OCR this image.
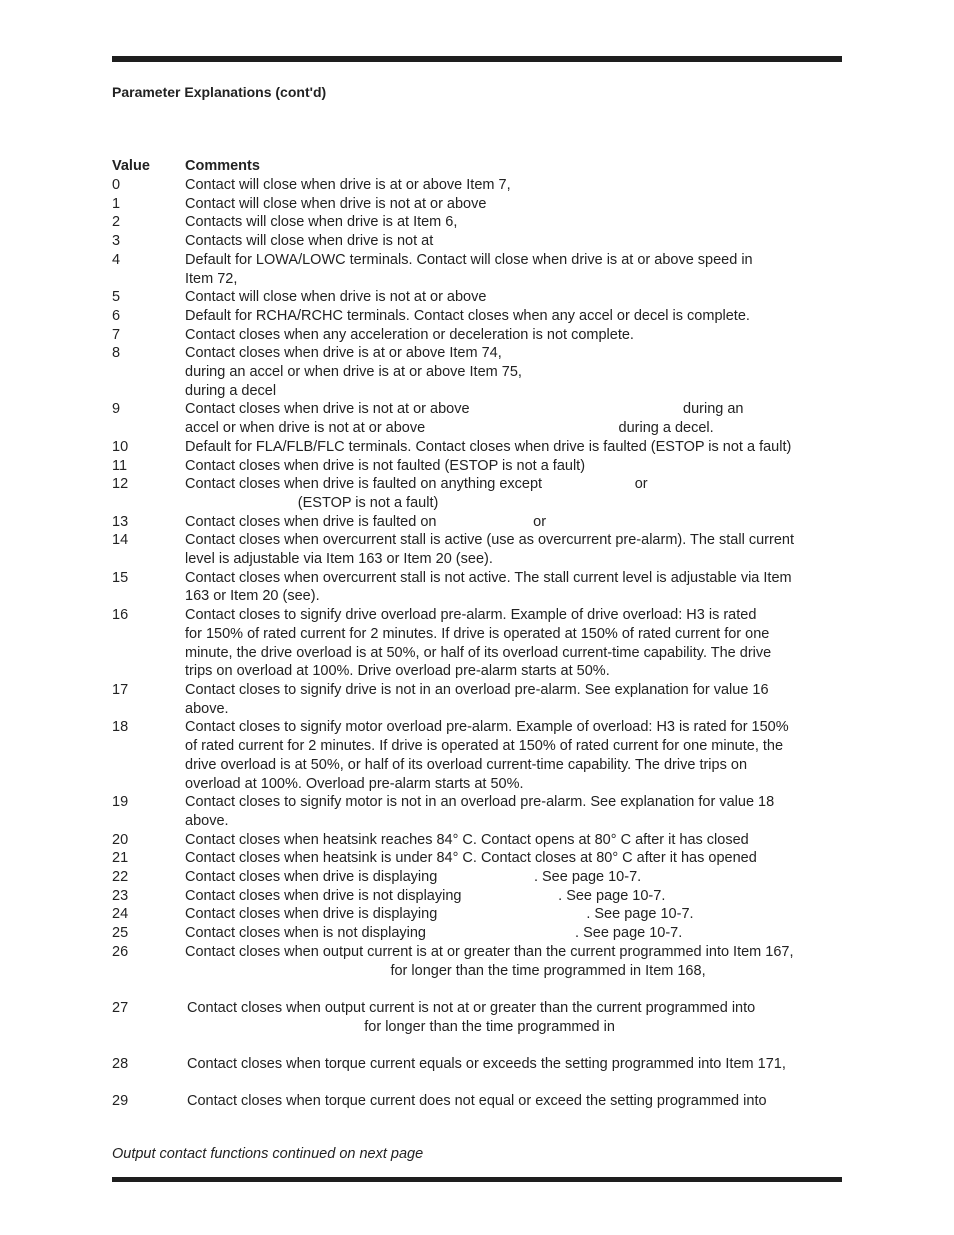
Parameter Explanations (cont'd)
Value	Comments
0	Contact will close when drive is at or above Item 7,
1	Contact will close when drive is not at or above
2	Contacts will close when drive is at Item 6,
3	Contacts will close when drive is not at
4	Default for LOWA/LOWC terminals. Contact will close when drive is at or above speed in
Item 72,
5	Contact will close when drive is not at or above
6	Default for RCHA/RCHC terminals. Contact closes when any accel or decel is complete.
7	Contact closes when any acceleration or deceleration is not complete.
8	Contact closes when drive is at or above Item 74,
during an accel or when drive is at or above Item 75,
during a decel
9	Contact closes when drive is not at or above                                                     during an
accel or when drive is not at or above                                                during a decel.
10	Default for FLA/FLB/FLC terminals. Contact closes when drive is faulted (ESTOP is not a fault)
11	Contact closes when drive is not faulted (ESTOP is not a fault)
12	Contact closes when drive is faulted on anything except                       or
(ESTOP is not a fault)
13	Contact closes when drive is faulted on                        or
14	Contact closes when overcurrent stall is active (use as overcurrent pre-alarm). The stall current
level is adjustable via Item 163 or Item 20 (see).
15	Contact closes when overcurrent stall is not active. The stall current level is adjustable via Item
163 or Item 20 (see).
16	Contact closes to signify drive overload pre-alarm. Example of drive overload: H3 is rated
for 150% of rated current for 2 minutes. If drive is operated at 150% of rated current for one
minute, the drive overload is at 50%, or half of its overload current-time capability. The drive
trips on overload at 100%. Drive overload pre-alarm starts at 50%.
17	Contact closes to signify drive is not in an overload pre-alarm. See explanation for value 16
above.
18	Contact closes to signify motor overload pre-alarm. Example of overload: H3 is rated for 150%
of rated current for 2 minutes. If drive is operated at 150% of rated current for one minute, the
drive overload is at 50%, or half of its overload current-time capability. The drive trips on
overload at 100%. Overload pre-alarm starts at 50%.
19	Contact closes to signify motor is not in an overload pre-alarm. See explanation for value 18
above.
20	Contact closes when heatsink reaches 84° C. Contact opens at 80° C after it has closed
21	Contact closes when heatsink is under 84° C. Contact closes at 80° C after it has opened
22	Contact closes when drive is displaying                        . See page 10-7.
23	Contact closes when drive is not displaying                        . See page 10-7.
24	Contact closes when drive is displaying                                     . See page 10-7.
25	Contact closes when is not displaying                                     . See page 10-7.
26	Contact closes when output current is at or greater than the current programmed into Item 167,
for longer than the time programmed in Item 168,
27	Contact closes when output current is not at or greater than the current programmed into
for longer than the time programmed in
28	Contact closes when torque current equals or exceeds the setting programmed into Item 171,
29	Contact closes when torque current does not equal or exceed the setting programmed into
Output contact functions continued on next page
